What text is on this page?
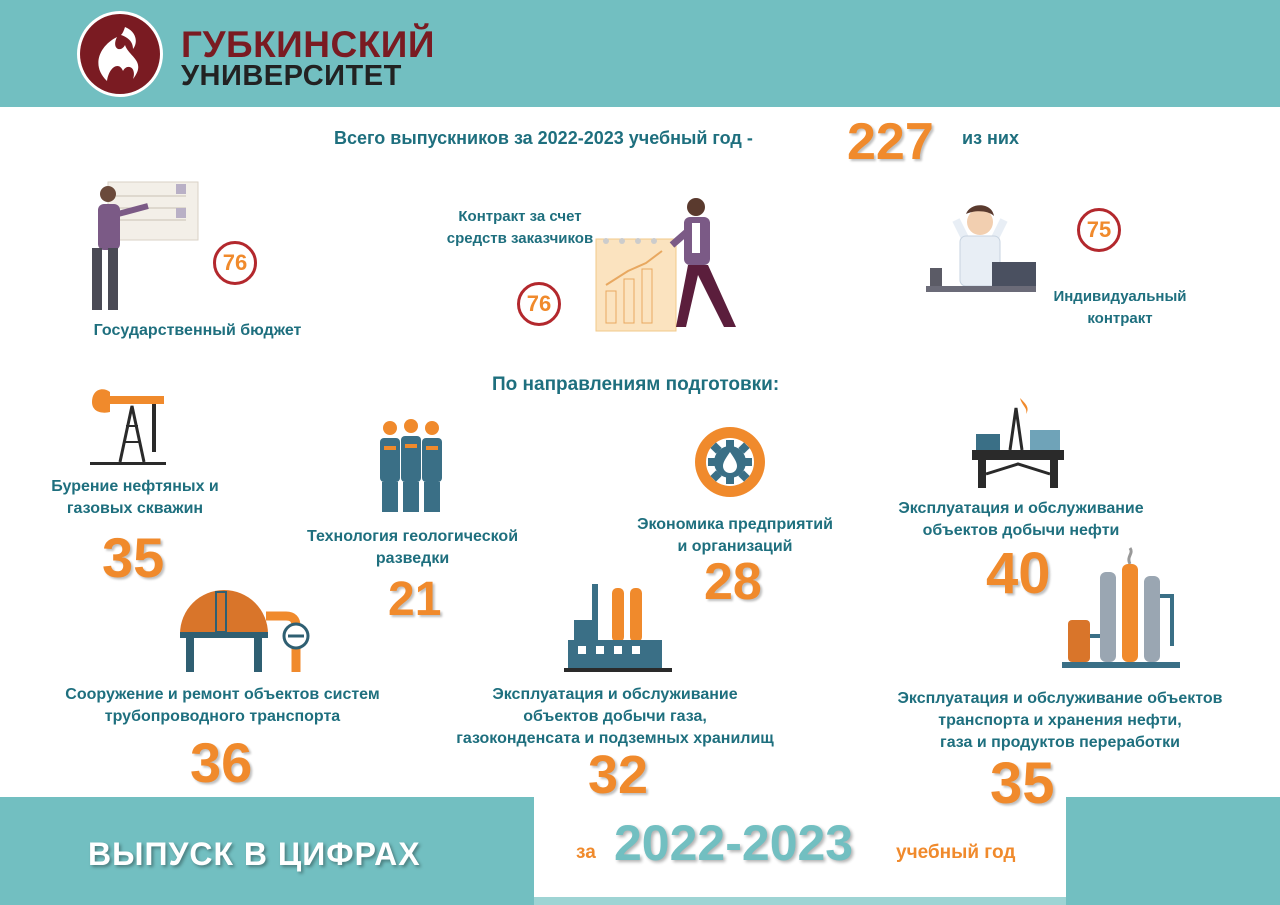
ГУБКИНСКИЙ
УНИВЕРСИТЕТ
Всего выпускников за 2022-2023 учебный год - 227 из них
76
Государственный бюджет
Контракт за счет
средств заказчиков
76
75
Индивидуальный
контракт
По направлениям подготовки:
Бурение нефтяных и
газовых скважин
35	Технология геологической
разведки
21
Экономика предприятий
и организаций
28
Эксплуатация и обслуживание
объектов добычи нефти
40
Сооружение и ремонт объектов систем
трубопроводного транспорта
36
Эксплуатация и обслуживание
объектов добычи газа,
газоконденсата и подземных хранилищ
32
Эксплуатация и обслуживание объектов
транспорта и хранения нефти,
газа и продуктов переработки
35
ВЫПУСК В ЦИФРАХ	за 2022-2023 учебный год
